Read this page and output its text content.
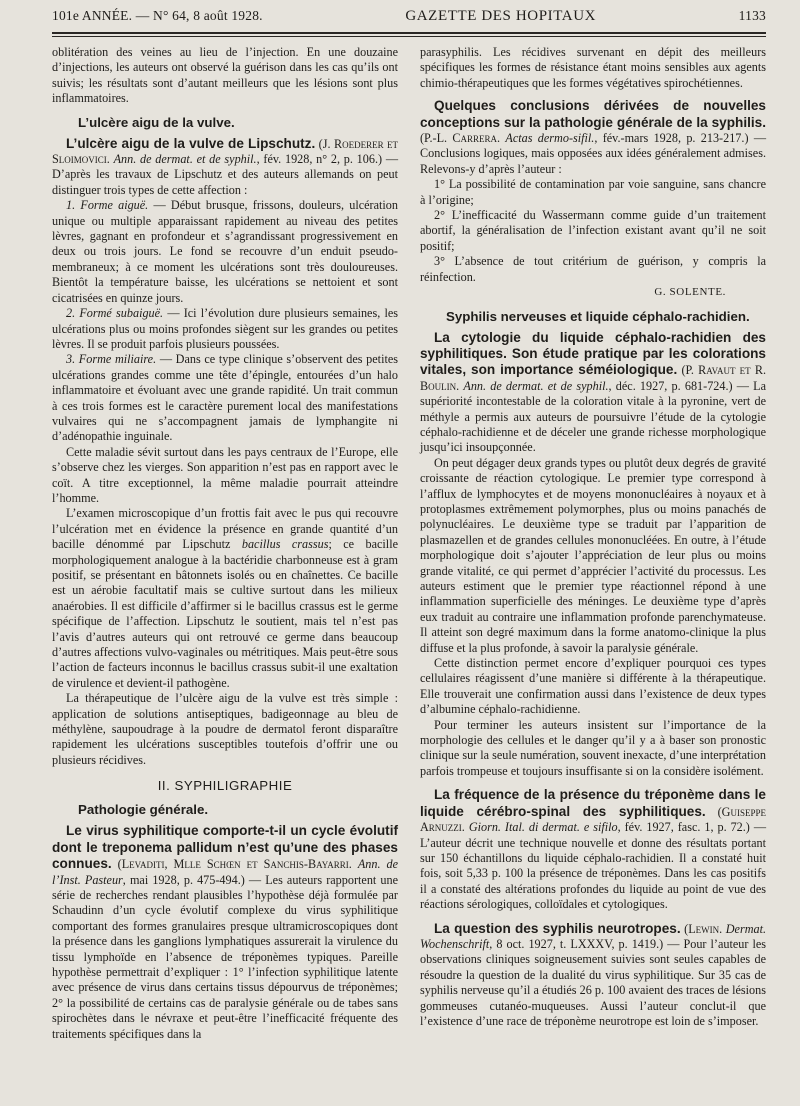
101e ANNÉE. — N° 64, 8 août 1928.	GAZETTE DES HOPITAUX	1133

oblitération des veines au lieu de l’injection. En une douzaine d’injections, les auteurs ont observé la guérison dans les cas qu’ils ont suivis; les résultats sont d’autant meilleurs que les lésions sont plus inflammatoires.

L’ulcère aigu de la vulve.

L’ulcère aigu de la vulve de Lipschutz. (J. Roederer et Sloimovici. Ann. de dermat. et de syphil., fév. 1928, n° 2, p. 106.) — D’après les travaux de Lipschutz et des auteurs allemands on peut distinguer trois types de cette affection :

1. Forme aiguë. — Début brusque, frissons, douleurs, ulcération unique ou multiple apparaissant rapidement au niveau des petites lèvres, gagnant en profondeur et s’agrandissant progressivement en deux ou trois jours. Le fond se recouvre d’un enduit pseudo-membraneux; à ce moment les ulcérations sont très douloureuses. Bientôt la température baisse, les ulcérations se nettoient et sont cicatrisées en quinze jours.

2. Formé subaiguë. — Ici l’évolution dure plusieurs semaines, les ulcérations plus ou moins profondes siègent sur les grandes ou petites lèvres. Il se produit parfois plusieurs poussées.

3. Forme miliaire. — Dans ce type clinique s’observent des petites ulcérations grandes comme une tête d’épingle, entourées d’un halo inflammatoire et évoluant avec une grande rapidité. Un trait commun à ces trois formes est le caractère purement local des manifestations vulvaires qui ne s’accompagnent jamais de lymphangite ni d’adénopathie inguinale.

Cette maladie sévit surtout dans les pays centraux de l’Europe, elle s’observe chez les vierges. Son apparition n’est pas en rapport avec le coït. A titre exceptionnel, la même maladie pourrait atteindre l’homme.

L’examen microscopique d’un frottis fait avec le pus qui recouvre l’ulcération met en évidence la présence en grande quantité d’un bacille dénommé par Lipschutz bacillus crassus; ce bacille morphologiquement analogue à la bactéridie charbonneuse est à gram positif, se présentant en bâtonnets isolés ou en chaînettes. Ce bacille est un aérobie facultatif mais se cultive surtout dans les milieux anaérobies. Il est difficile d’affirmer si le bacillus crassus est le germe spécifique de l’affection. Lipschutz le soutient, mais tel n’est pas l’avis d’autres auteurs qui ont retrouvé ce germe dans beaucoup d’autres affections vulvo-vaginales ou métritiques. Mais peut-être sous l’action de facteurs inconnus le bacillus crassus subit-il une exaltation de virulence et devient-il pathogène.

La thérapeutique de l’ulcère aigu de la vulve est très simple : application de solutions antiseptiques, badigeonnage au bleu de méthylène, saupoudrage à la poudre de dermatol feront disparaître rapidement les ulcérations susceptibles toutefois d’offrir une ou plusieurs récidives.

II. SYPHILIGRAPHIE
Pathologie générale.

Le virus syphilitique comporte-t-il un cycle évolutif dont le treponema pallidum n’est qu’une des phases connues. (Levaditi, Mlle Schœn et Sanchis-Bayarri. Ann. de l’Inst. Pasteur, mai 1928, p. 475-494.) — Les auteurs rapportent une série de recherches rendant plausibles l’hypothèse déjà formulée par Schaudinn d’un cycle évolutif complexe du virus syphilitique comportant des formes granulaires presque ultramicroscopiques dont la présence dans les ganglions lymphatiques assurerait la virulence du tissu lymphoïde en l’absence de tréponèmes typiques. Pareille hypothèse permettrait d’expliquer : 1° l’infection syphilitique latente avec présence de virus dans certains tissus dépourvus de tréponèmes; 2° la possibilité de certains cas de paralysie générale ou de tabes sans spirochètes dans le névraxe et peut-être l’inefficacité fréquente des traitements spécifiques dans la

parasyphilis. Les récidives survenant en dépit des meilleurs spécifiques les formes de résistance étant moins sensibles aux agents chimio-thérapeutiques que les formes végétatives spirochétiennes.

Quelques conclusions dérivées de nouvelles conceptions sur la pathologie générale de la syphilis. (P.-L. Carrera. Actas dermo-sifil., fév.-mars 1928, p. 213-217.) — Conclusions logiques, mais opposées aux idées généralement admises. Relevons-y d’après l’auteur :

1° La possibilité de contamination par voie sanguine, sans chancre à l’origine;

2° L’inefficacité du Wassermann comme guide d’un traitement abortif, la généralisation de l’infection existant avant qu’il ne soit positif;

3° L’absence de tout critérium de guérison, y compris la réinfection.

G. SOLENTE.
Syphilis nerveuses et liquide céphalo-rachidien.

La cytologie du liquide céphalo-rachidien des syphilitiques. Son étude pratique par les colorations vitales, son importance séméiologique. (P. Ravaut et R. Boulin. Ann. de dermat. et de syphil., déc. 1927, p. 681-724.) — La supériorité incontestable de la coloration vitale à la pyronine, vert de méthyle a permis aux auteurs de poursuivre l’étude de la cytologie céphalo-rachidienne et de déceler une grande richesse morphologique jusqu’ici insoupçonnée.

On peut dégager deux grands types ou plutôt deux degrés de gravité croissante de réaction cytologique. Le premier type correspond à l’afflux de lymphocytes et de moyens mononucléaires à noyaux et à protoplasmes extrêmement polymorphes, plus ou moins panachés de polynucléaires. Le deuxième type se traduit par l’apparition de plasmazellen et de grandes cellules mononucléées. En outre, à l’étude morphologique doit s’ajouter l’appréciation de leur plus ou moins grande vitalité, ce qui permet d’apprécier l’activité du processus. Les auteurs estiment que le premier type réactionnel répond à une inflammation superficielle des méninges. Le deuxième type d’après eux traduit au contraire une inflammation profonde parenchymateuse. Il atteint son degré maximum dans la forme anatomo-clinique la plus diffuse et la plus profonde, à savoir la paralysie générale.

Cette distinction permet encore d’expliquer pourquoi ces types cellulaires réagissent d’une manière si différente à la thérapeutique. Elle trouverait une confirmation aussi dans l’existence de deux types d’albumine céphalo-rachidienne.

Pour terminer les auteurs insistent sur l’importance de la morphologie des cellules et le danger qu’il y a à baser son pronostic clinique sur la seule numération, souvent inexacte, d’une interprétation parfois trompeuse et toujours insuffisante si on la considère isolément.

La fréquence de la présence du tréponème dans le liquide cérébro-spinal des syphilitiques. (Guiseppe Arnuzzi. Giorn. Ital. di dermat. e sifilo, fév. 1927, fasc. 1, p. 72.) — L’auteur décrit une technique nouvelle et donne des résultats portant sur 150 échantillons du liquide céphalo-rachidien. Il a constaté huit fois, soit 5,33 p. 100 la présence de tréponèmes. Dans les cas positifs il a constaté des altérations profondes du liquide au point de vue des réactions sérologiques, colloïdales et cytologiques.

La question des syphilis neurotropes. (Lewin. Dermat. Wochenschrift, 8 oct. 1927, t. LXXXV, p. 1419.) — Pour l’auteur les observations cliniques soigneusement suivies sont seules capables de résoudre la question de la dualité du virus syphilitique. Sur 35 cas de syphilis nerveuse qu’il a étudiés 26 p. 100 avaient des traces de lésions gommeuses cutanéo-muqueuses. Aussi l’auteur conclut-il que l’existence d’une race de tréponème neurotrope est loin de s’imposer.
